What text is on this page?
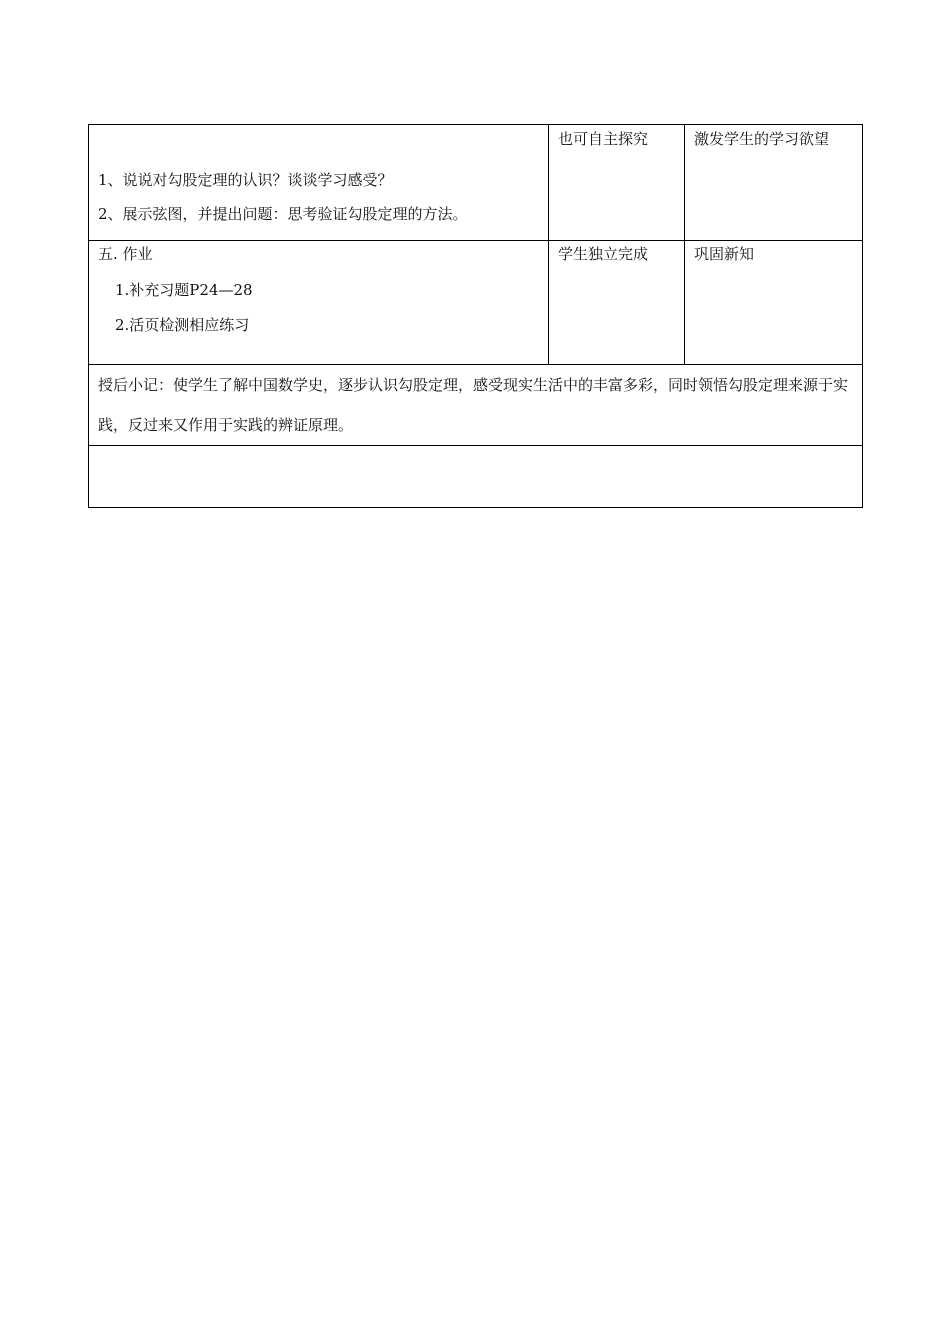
1、说说对勾股定理的认识？谈谈学习感受？
2、展示弦图，并提出问题：思考验证勾股定理的方法。	也可自主探究	激发学生的学习欲望

五. 作业
1.补充习题P24—28
2.活页检测相应练习	学生独立完成	巩固新知

授后小记：使学生了解中国数学史，逐步认识勾股定理，感受现实生活中的丰富多彩，同时领悟勾股定理来源于实践，反过来又作用于实践的辨证原理。		
